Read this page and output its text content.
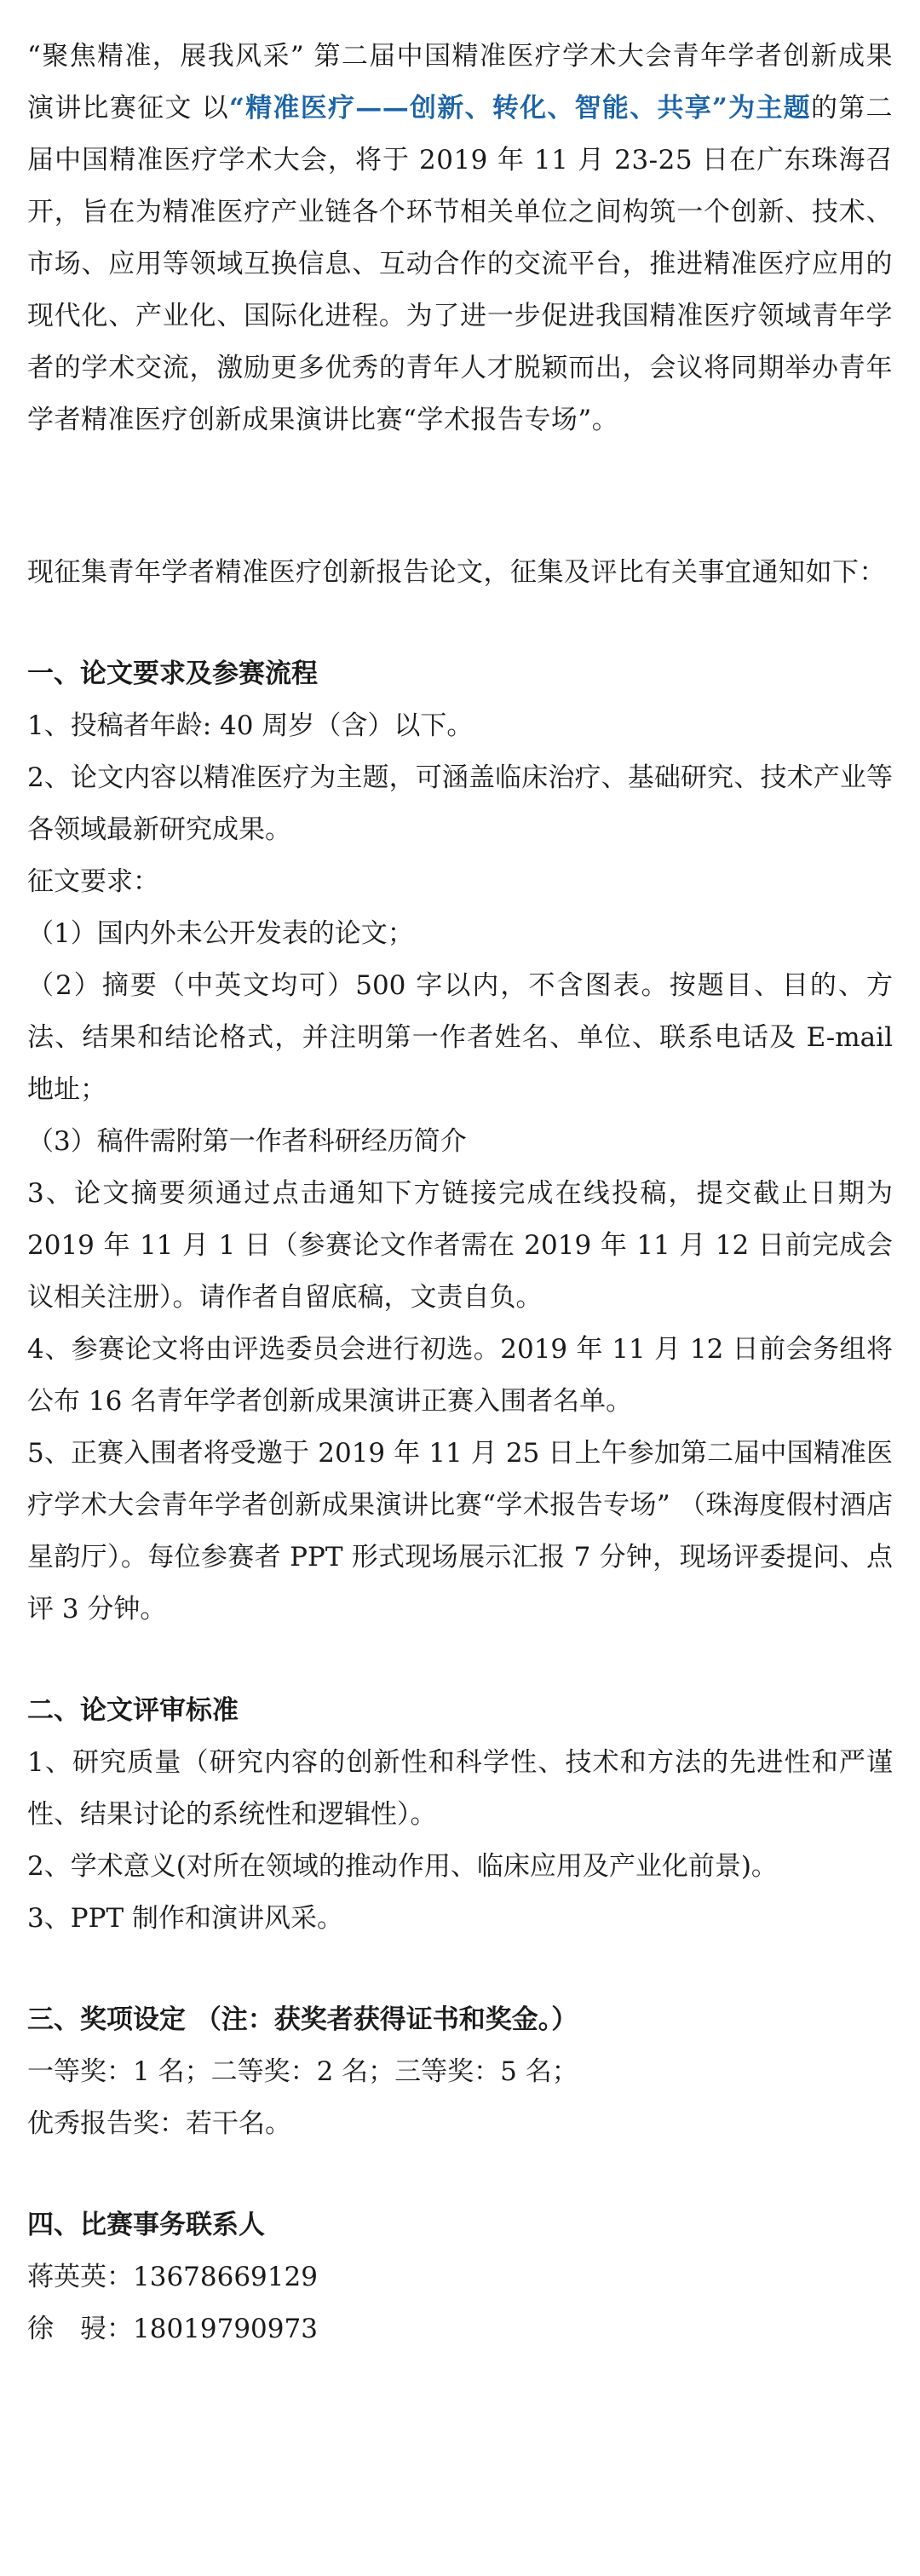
“聚焦精准，展我风采” 第二届中国精准医疗学术大会青年学者创新成果演讲比赛征文 以“精准医疗——创新、转化、智能、共享”为主题的第二届中国精准医疗学术大会，将于 2019 年 11 月 23-25 日在广东珠海召开，旨在为精准医疗产业链各个环节相关单位之间构筑一个创新、技术、市场、应用等领域互换信息、互动合作的交流平台，推进精准医疗应用的现代化、产业化、国际化进程。为了进一步促进我国精准医疗领域青年学者的学术交流，激励更多优秀的青年人才脱颖而出，会议将同期举办青年学者精准医疗创新成果演讲比赛“学术报告专场”。

现征集青年学者精准医疗创新报告论文，征集及评比有关事宜通知如下：

一、论文要求及参赛流程

1、投稿者年龄: 40 周岁（含）以下。

2、论文内容以精准医疗为主题，可涵盖临床治疗、基础研究、技术产业等各领域最新研究成果。

征文要求：

（1）国内外未公开发表的论文；

（2）摘要（中英文均可）500 字以内，不含图表。按题目、目的、方法、结果和结论格式，并注明第一作者姓名、单位、联系电话及 E-mail 地址；

（3）稿件需附第一作者科研经历简介

3、论文摘要须通过点击通知下方链接完成在线投稿，提交截止日期为 2019 年 11 月 1 日（参赛论文作者需在 2019 年 11 月 12 日前完成会议相关注册）。请作者自留底稿，文责自负。

4、参赛论文将由评选委员会进行初选。2019 年 11 月 12 日前会务组将公布 16 名青年学者创新成果演讲正赛入围者名单。

5、正赛入围者将受邀于 2019 年 11 月 25 日上午参加第二届中国精准医疗学术大会青年学者创新成果演讲比赛“学术报告专场” （珠海度假村酒店星韵厅）。每位参赛者 PPT 形式现场展示汇报 7 分钟，现场评委提问、点评 3 分钟。

二、论文评审标准

1、研究质量（研究内容的创新性和科学性、技术和方法的先进性和严谨性、结果讨论的系统性和逻辑性）。

2、学术意义(对所在领域的推动作用、临床应用及产业化前景)。

3、PPT 制作和演讲风采。

三、奖项设定 （注：获奖者获得证书和奖金。）

一等奖：1 名；二等奖：2 名；三等奖：5 名；

优秀报告奖：若干名。

四、比赛事务联系人

蒋英英：13678669129

徐　骎：18019790973
